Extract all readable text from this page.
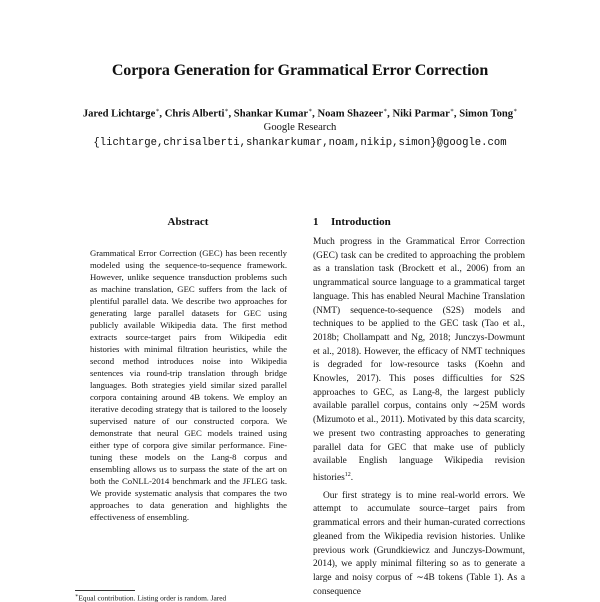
Corpora Generation for Grammatical Error Correction
Jared Lichtarge∗, Chris Alberti∗, Shankar Kumar∗, Noam Shazeer∗, Niki Parmar∗, Simon Tong∗
Google Research
{lichtarge,chrisalberti,shankarkumar,noam,nikip,simon}@google.com
Abstract
Grammatical Error Correction (GEC) has been recently modeled using the sequence-to-sequence framework. However, unlike sequence transduction problems such as machine translation, GEC suffers from the lack of plentiful parallel data. We describe two approaches for generating large parallel datasets for GEC using publicly available Wikipedia data. The first method extracts source-target pairs from Wikipedia edit histories with minimal filtration heuristics, while the second method introduces noise into Wikipedia sentences via round-trip translation through bridge languages. Both strategies yield similar sized parallel corpora containing around 4B tokens. We employ an iterative decoding strategy that is tailored to the loosely supervised nature of our constructed corpora. We demonstrate that neural GEC models trained using either type of corpora give similar performance. Fine-tuning these models on the Lang-8 corpus and ensembling allows us to surpass the state of the art on both the CoNLL-2014 benchmark and the JFLEG task. We provide systematic analysis that compares the two approaches to data generation and highlights the effectiveness of ensembling.
1 Introduction

Much progress in the Grammatical Error Correction (GEC) task can be credited to approaching the problem as a translation task (Brockett et al., 2006) from an ungrammatical source language to a grammatical target language. This has enabled Neural Machine Translation (NMT) sequence-to-sequence (S2S) models and techniques to be applied to the GEC task (Tao et al., 2018b; Chollampatt and Ng, 2018; Junczys-Dowmunt et al., 2018). However, the efficacy of NMT techniques is degraded for low-resource tasks (Koehn and Knowles, 2017). This poses difficulties for S2S approaches to GEC, as Lang-8, the largest publicly available parallel corpus, contains only ∼25M words (Mizumoto et al., 2011). Motivated by this data scarcity, we present two contrasting approaches to generating parallel data for GEC that make use of publicly available English language Wikipedia revision histories$^{12}$.

Our first strategy is to mine real-world errors. We attempt to accumulate source–target pairs from grammatical errors and their human-curated corrections gleaned from the Wikipedia revision histories. Unlike previous work (Grundkiewicz and Junczys-Dowmunt, 2014), we apply minimal filtering so as to generate a large and noisy corpus of ∼4B tokens (Table 1). As a consequence

∗Equal contribution. Listing order is random. Jared
